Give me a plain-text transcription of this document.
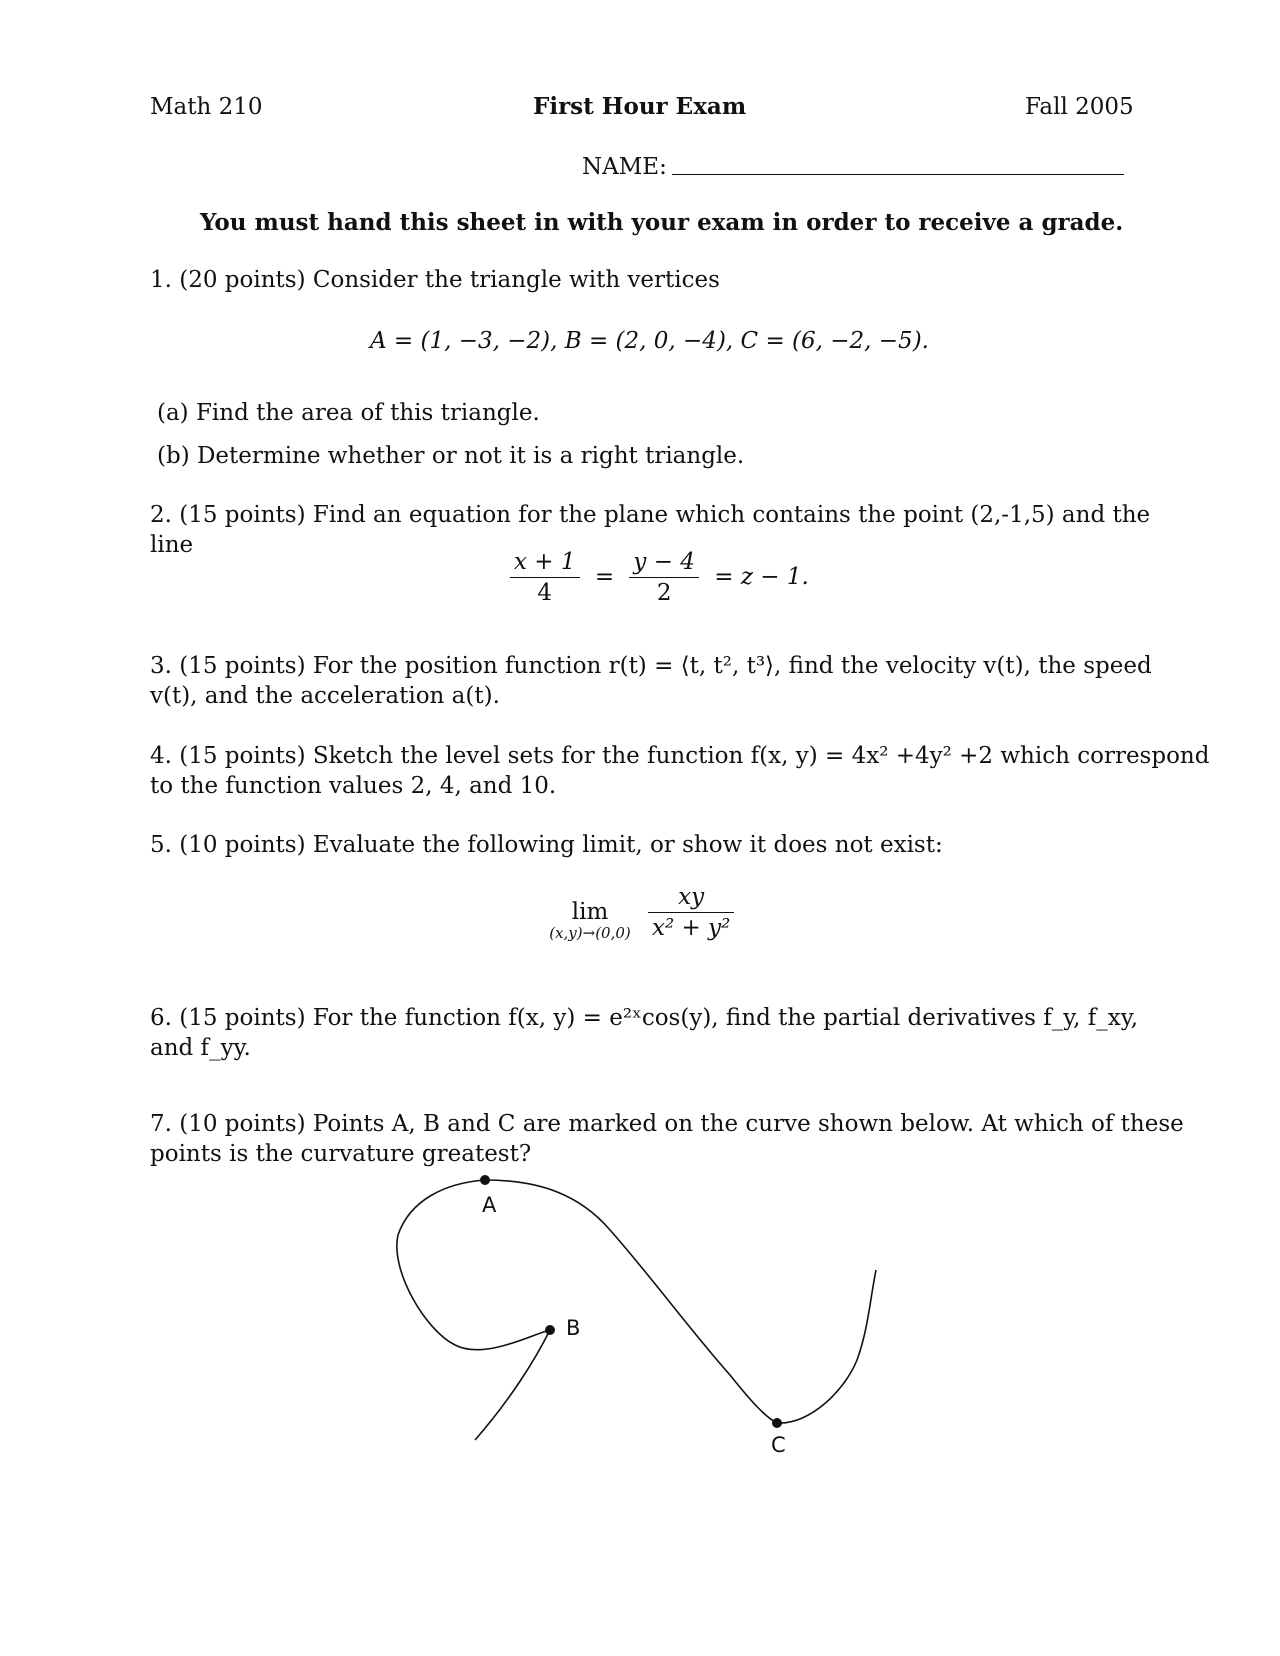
Math 210	First Hour Exam	Fall 2005
NAME:
You must hand this sheet in with your exam in order to receive a grade.
1. (20 points) Consider the triangle with vertices
A = (1, −3, −2), B = (2, 0, −4), C = (6, −2, −5).
(a) Find the area of this triangle.
(b) Determine whether or not it is a right triangle.
2. (15 points) Find an equation for the plane which contains the point (2,-1,5) and the
line
$\frac{x + 1}{4} = \frac{y - 4}{2} = z - 1$.
3. (15 points) For the position function r(t) = ⟨t, t², t³⟩, find the velocity v(t), the speed
v(t), and the acceleration a(t).
4. (15 points) Sketch the level sets for the function f(x, y) = 4x² +4y² +2 which correspond
to the function values 2, 4, and 10.
5. (10 points) Evaluate the following limit, or show it does not exist:
lim
$(x,y)\to(0,0) \frac{xy}{\text{x² + y²}}$
6. (15 points) For the function f(x, y) = e²ˣcos(y), find the partial derivatives f_y, f_xy,
and f_yy.
7. (10 points) Points A, B and C are marked on the curve shown below. At which of these
points is the curvature greatest?
A
B
C
